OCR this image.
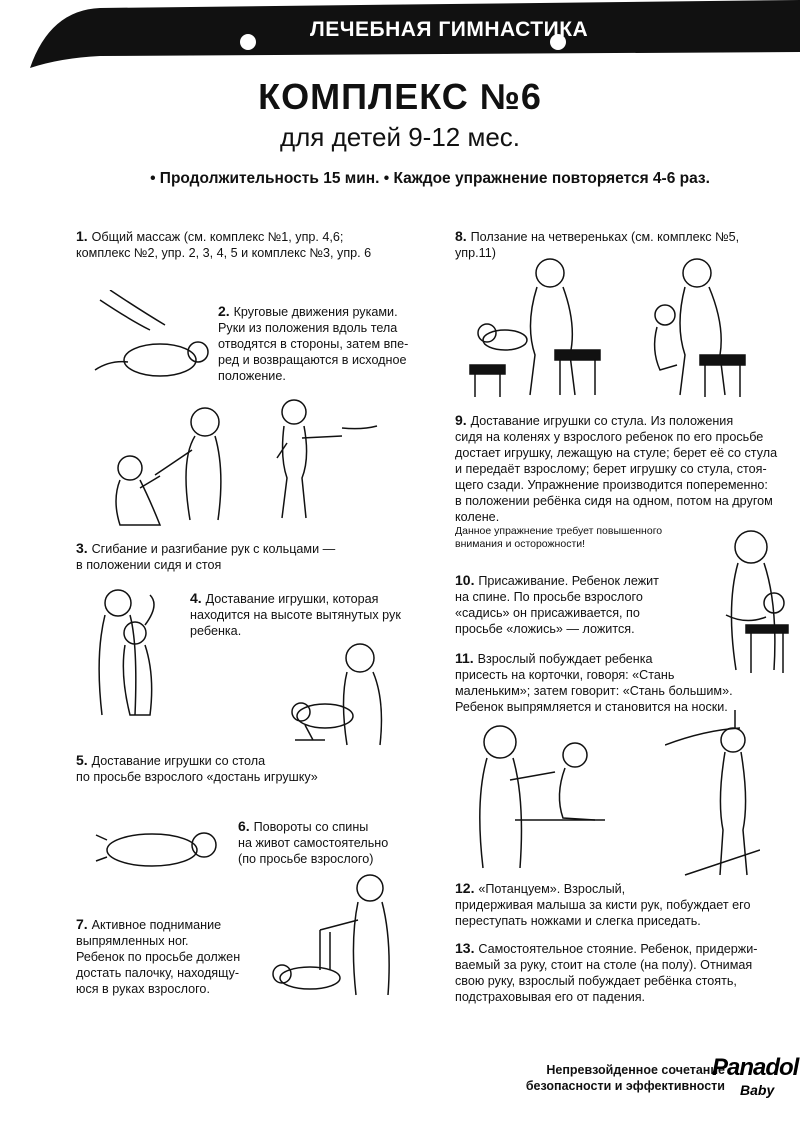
ЛЕЧЕБНАЯ ГИМНАСТИКА
КОМПЛЕКС №6
для детей 9-12 мес.
• Продолжительность 15 мин. • Каждое упражнение повторяется 4-6 раз.
1. Общий массаж (см. комплекс №1, упр. 4,6;
комплекс №2, упр. 2, 3, 4, 5 и комплекс №3, упр. 6
2. Круговые движения руками.
Руки из положения вдоль тела
отводятся в стороны, затем впе-
ред и возвращаются в исходное
положение.
3. Сгибание и разгибание рук с кольцами —
в положении сидя и стоя
4. Доставание игрушки, которая
находится на высоте вытянутых рук
ребенка.
5. Доставание игрушки со стола
по просьбе взрослого «достань игрушку»
6. Повороты со спины
на живот самостоятельно
(по просьбе взрослого)
7. Активное поднимание
выпрямленных ног.
Ребенок по просьбе должен
достать палочку, находящу-
юся в руках взрослого.
8. Ползание на четвереньках (см. комплекс №5,
упр.11)
9. Доставание игрушки со стула. Из положения
сидя на коленях у взрослого ребенок по его просьбе
достает игрушку, лежащую на стуле; берет её со стула
и передаёт взрослому; берет игрушку со стула, стоя-
щего сзади. Упражнение производится попеременно:
в положении ребёнка сидя на одном, потом на другом
колене.
Данное упражнение требует повышенного
внимания и осторожности!
10. Присаживание. Ребенок лежит
на спине. По просьбе взрослого
«садись» он присаживается, по
просьбе «ложись» — ложится.
11. Взрослый побуждает ребенка
присесть на корточки, говоря: «Стань
маленьким»; затем говорит: «Стань большим».
Ребенок выпрямляется и становится на носки.
12. «Потанцуем». Взрослый,
придерживая малыша за кисти рук, побуждает его
переступать ножками и слегка приседать.
13. Самостоятельное стояние. Ребенок, придержи-
ваемый за руку, стоит на столе (на полу). Отнимая
свою руку, взрослый побуждает ребёнка стоять,
подстраховывая его от падения.
Непревзойденное сочетание
безопасности и эффективности
Panadol
Baby
